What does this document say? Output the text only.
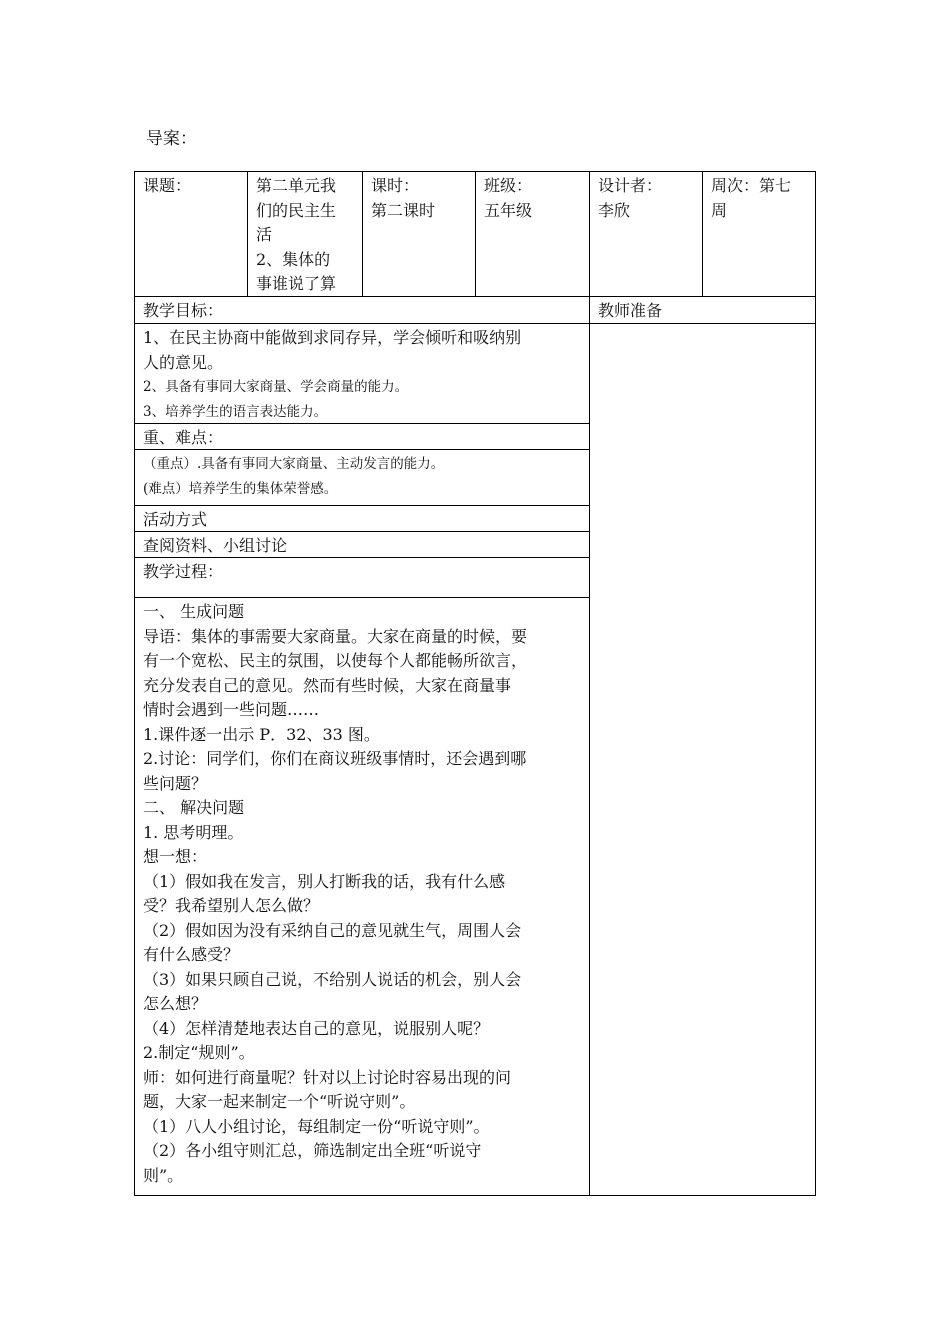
导案：
课题：	第二单元我
们的民主生
活
2、集体的
事谁说了算
课时：
第二课时
班级：
五年级
设计者：
李欣
周次：第七
周
教学目标：	教师准备
1、在民主协商中能做到求同存异，学会倾听和吸纳别
人的意见。
2、具备有事同大家商量、学会商量的能力。
3、培养学生的语言表达能力。
重、难点：
（重点）.具备有事同大家商量、主动发言的能力。
(难点）培养学生的集体荣誉感。
活动方式
查阅资料、小组讨论
教学过程：
一、 生成问题
导语：集体的事需要大家商量。大家在商量的时候，要
有一个宽松、民主的氛围，以使每个人都能畅所欲言，
充分发表自己的意见。然而有些时候，大家在商量事
情时会遇到一些问题……
1.课件逐一出示 P．32、33 图。
2.讨论：同学们，你们在商议班级事情时，还会遇到哪
些问题？
二、 解决问题
1. 思考明理。
想一想：
（1）假如我在发言，别人打断我的话，我有什么感
受？我希望别人怎么做？
（2）假如因为没有采纳自己的意见就生气，周围人会
有什么感受？
（3）如果只顾自己说，不给别人说话的机会，别人会
怎么想？
（4）怎样清楚地表达自己的意见，说服别人呢？
2.制定“规则”。
师：如何进行商量呢？针对以上讨论时容易出现的问
题，大家一起来制定一个“听说守则”。
（1）八人小组讨论，每组制定一份“听说守则”。
（2）各小组守则汇总，筛选制定出全班“听说守
则”。
